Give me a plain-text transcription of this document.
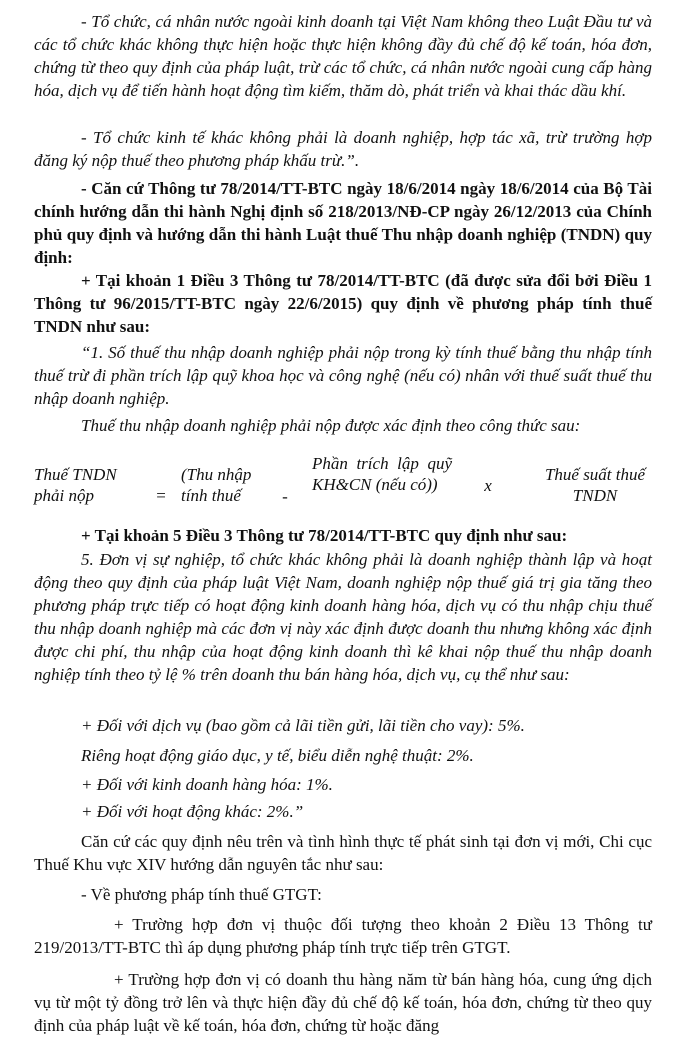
- Tổ chức, cá nhân nước ngoài kinh doanh tại Việt Nam không theo Luật Đầu tư và các tổ chức khác không thực hiện hoặc thực hiện không đầy đủ chế độ kế toán, hóa đơn, chứng từ theo quy định của pháp luật, trừ các tổ chức, cá nhân nước ngoài cung cấp hàng hóa, dịch vụ để tiến hành hoạt động tìm kiếm, thăm dò, phát triển và khai thác dầu khí.

- Tổ chức kinh tế khác không phải là doanh nghiệp, hợp tác xã, trừ trường hợp đăng ký nộp thuế theo phương pháp khấu trừ.”.

- Căn cứ Thông tư 78/2014/TT-BTC ngày 18/6/2014 ngày 18/6/2014 của Bộ Tài chính hướng dẫn thi hành Nghị định số 218/2013/NĐ-CP ngày 26/12/2013 của Chính phủ quy định và hướng dẫn thi hành Luật thuế Thu nhập doanh nghiệp (TNDN) quy định:

+ Tại khoản 1 Điều 3 Thông tư 78/2014/TT-BTC (đã được sửa đổi bởi Điều 1 Thông tư 96/2015/TT-BTC ngày 22/6/2015) quy định về phương pháp tính thuế TNDN như sau:

“1. Số thuế thu nhập doanh nghiệp phải nộp trong kỳ tính thuế bằng thu nhập tính thuế trừ đi phần trích lập quỹ khoa học và công nghệ (nếu có) nhân với thuế suất thuế thu nhập doanh nghiệp.

Thuế thu nhập doanh nghiệp phải nộp được xác định theo công thức sau:

Thuế TNDN phải nộp	=

(Thu nhập tính thuế	-

Phần trích lập quỹ KH&CN (nếu có))	x

Thuế suất thuế TNDN

+ Tại khoản 5 Điều 3 Thông tư 78/2014/TT-BTC quy định như sau:

5. Đơn vị sự nghiệp, tổ chức khác không phải là doanh nghiệp thành lập và hoạt động theo quy định của pháp luật Việt Nam, doanh nghiệp nộp thuế giá trị gia tăng theo phương pháp trực tiếp có hoạt động kinh doanh hàng hóa, dịch vụ có thu nhập chịu thuế thu nhập doanh nghiệp mà các đơn vị này xác định được doanh thu nhưng không xác định được chi phí, thu nhập của hoạt động kinh doanh thì kê khai nộp thuế thu nhập doanh nghiệp tính theo tỷ lệ % trên doanh thu bán hàng hóa, dịch vụ, cụ thể như sau:

+ Đối với dịch vụ (bao gồm cả lãi tiền gửi, lãi tiền cho vay): 5%.

Riêng hoạt động giáo dục, y tế, biểu diễn nghệ thuật: 2%.

+ Đối với kinh doanh hàng hóa: 1%.

+ Đối với hoạt động khác: 2%.”

Căn cứ các quy định nêu trên và tình hình thực tế phát sinh tại đơn vị mới, Chi cục Thuế Khu vực XIV hướng dẫn nguyên tắc như sau:

- Về phương pháp tính thuế GTGT:

+ Trường hợp đơn vị thuộc đối tượng theo khoản 2 Điều 13 Thông tư 219/2013/TT-BTC thì áp dụng phương pháp tính trực tiếp trên GTGT.

+ Trường hợp đơn vị có doanh thu hàng năm từ bán hàng hóa, cung ứng dịch vụ từ một tỷ đồng trở lên và thực hiện đầy đủ chế độ kế toán, hóa đơn, chứng từ theo quy định của pháp luật về kế toán, hóa đơn, chứng từ hoặc đăng
